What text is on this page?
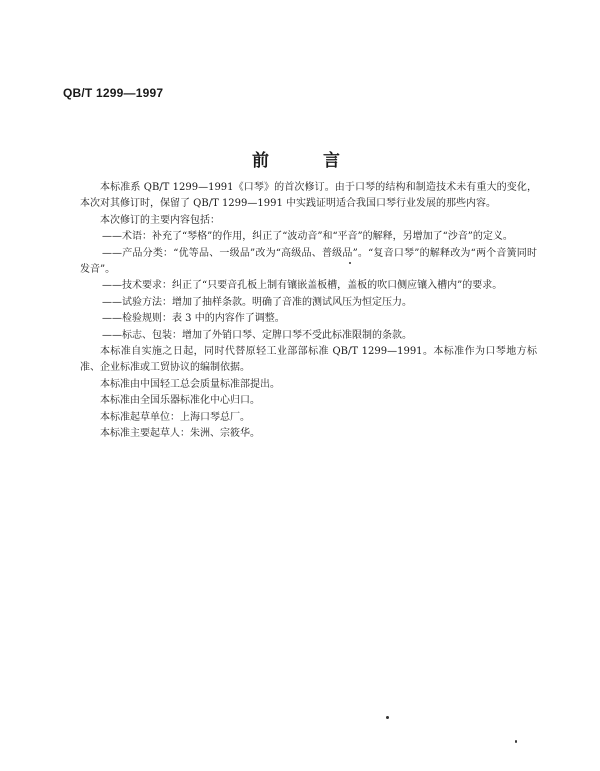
QB/T 1299—1997
前言

本标准系 QB/T 1299—1991《口琴》的首次修订。由于口琴的结构和制造技术未有重大的变化，本次对其修订时，保留了 QB/T 1299—1991 中实践证明适合我国口琴行业发展的那些内容。

本次修订的主要内容包括：

——术语：补充了“琴格”的作用，纠正了“波动音”和“平音”的解释，另增加了“沙音”的定义。

——产品分类：“优等品、一级品”改为“高级品、普级品”。“复音口琴”的解释改为“两个音簧同时发音”。

——技术要求：纠正了“只要音孔板上制有镶嵌盖板槽，盖板的吹口侧应镶入槽内”的要求。

——试验方法：增加了抽样条款。明确了音准的测试风压为恒定压力。

——检验规则：表 3 中的内容作了调整。

——标志、包装：增加了外销口琴、定牌口琴不受此标准限制的条款。

本标准自实施之日起，同时代替原轻工业部部标准 QB/T 1299—1991。本标准作为口琴地方标准、企业标准或工贸协议的编制依据。

本标准由中国轻工总会质量标准部提出。

本标准由全国乐器标准化中心归口。

本标准起草单位：上海口琴总厂。

本标准主要起草人：朱洲、宗筱华。
